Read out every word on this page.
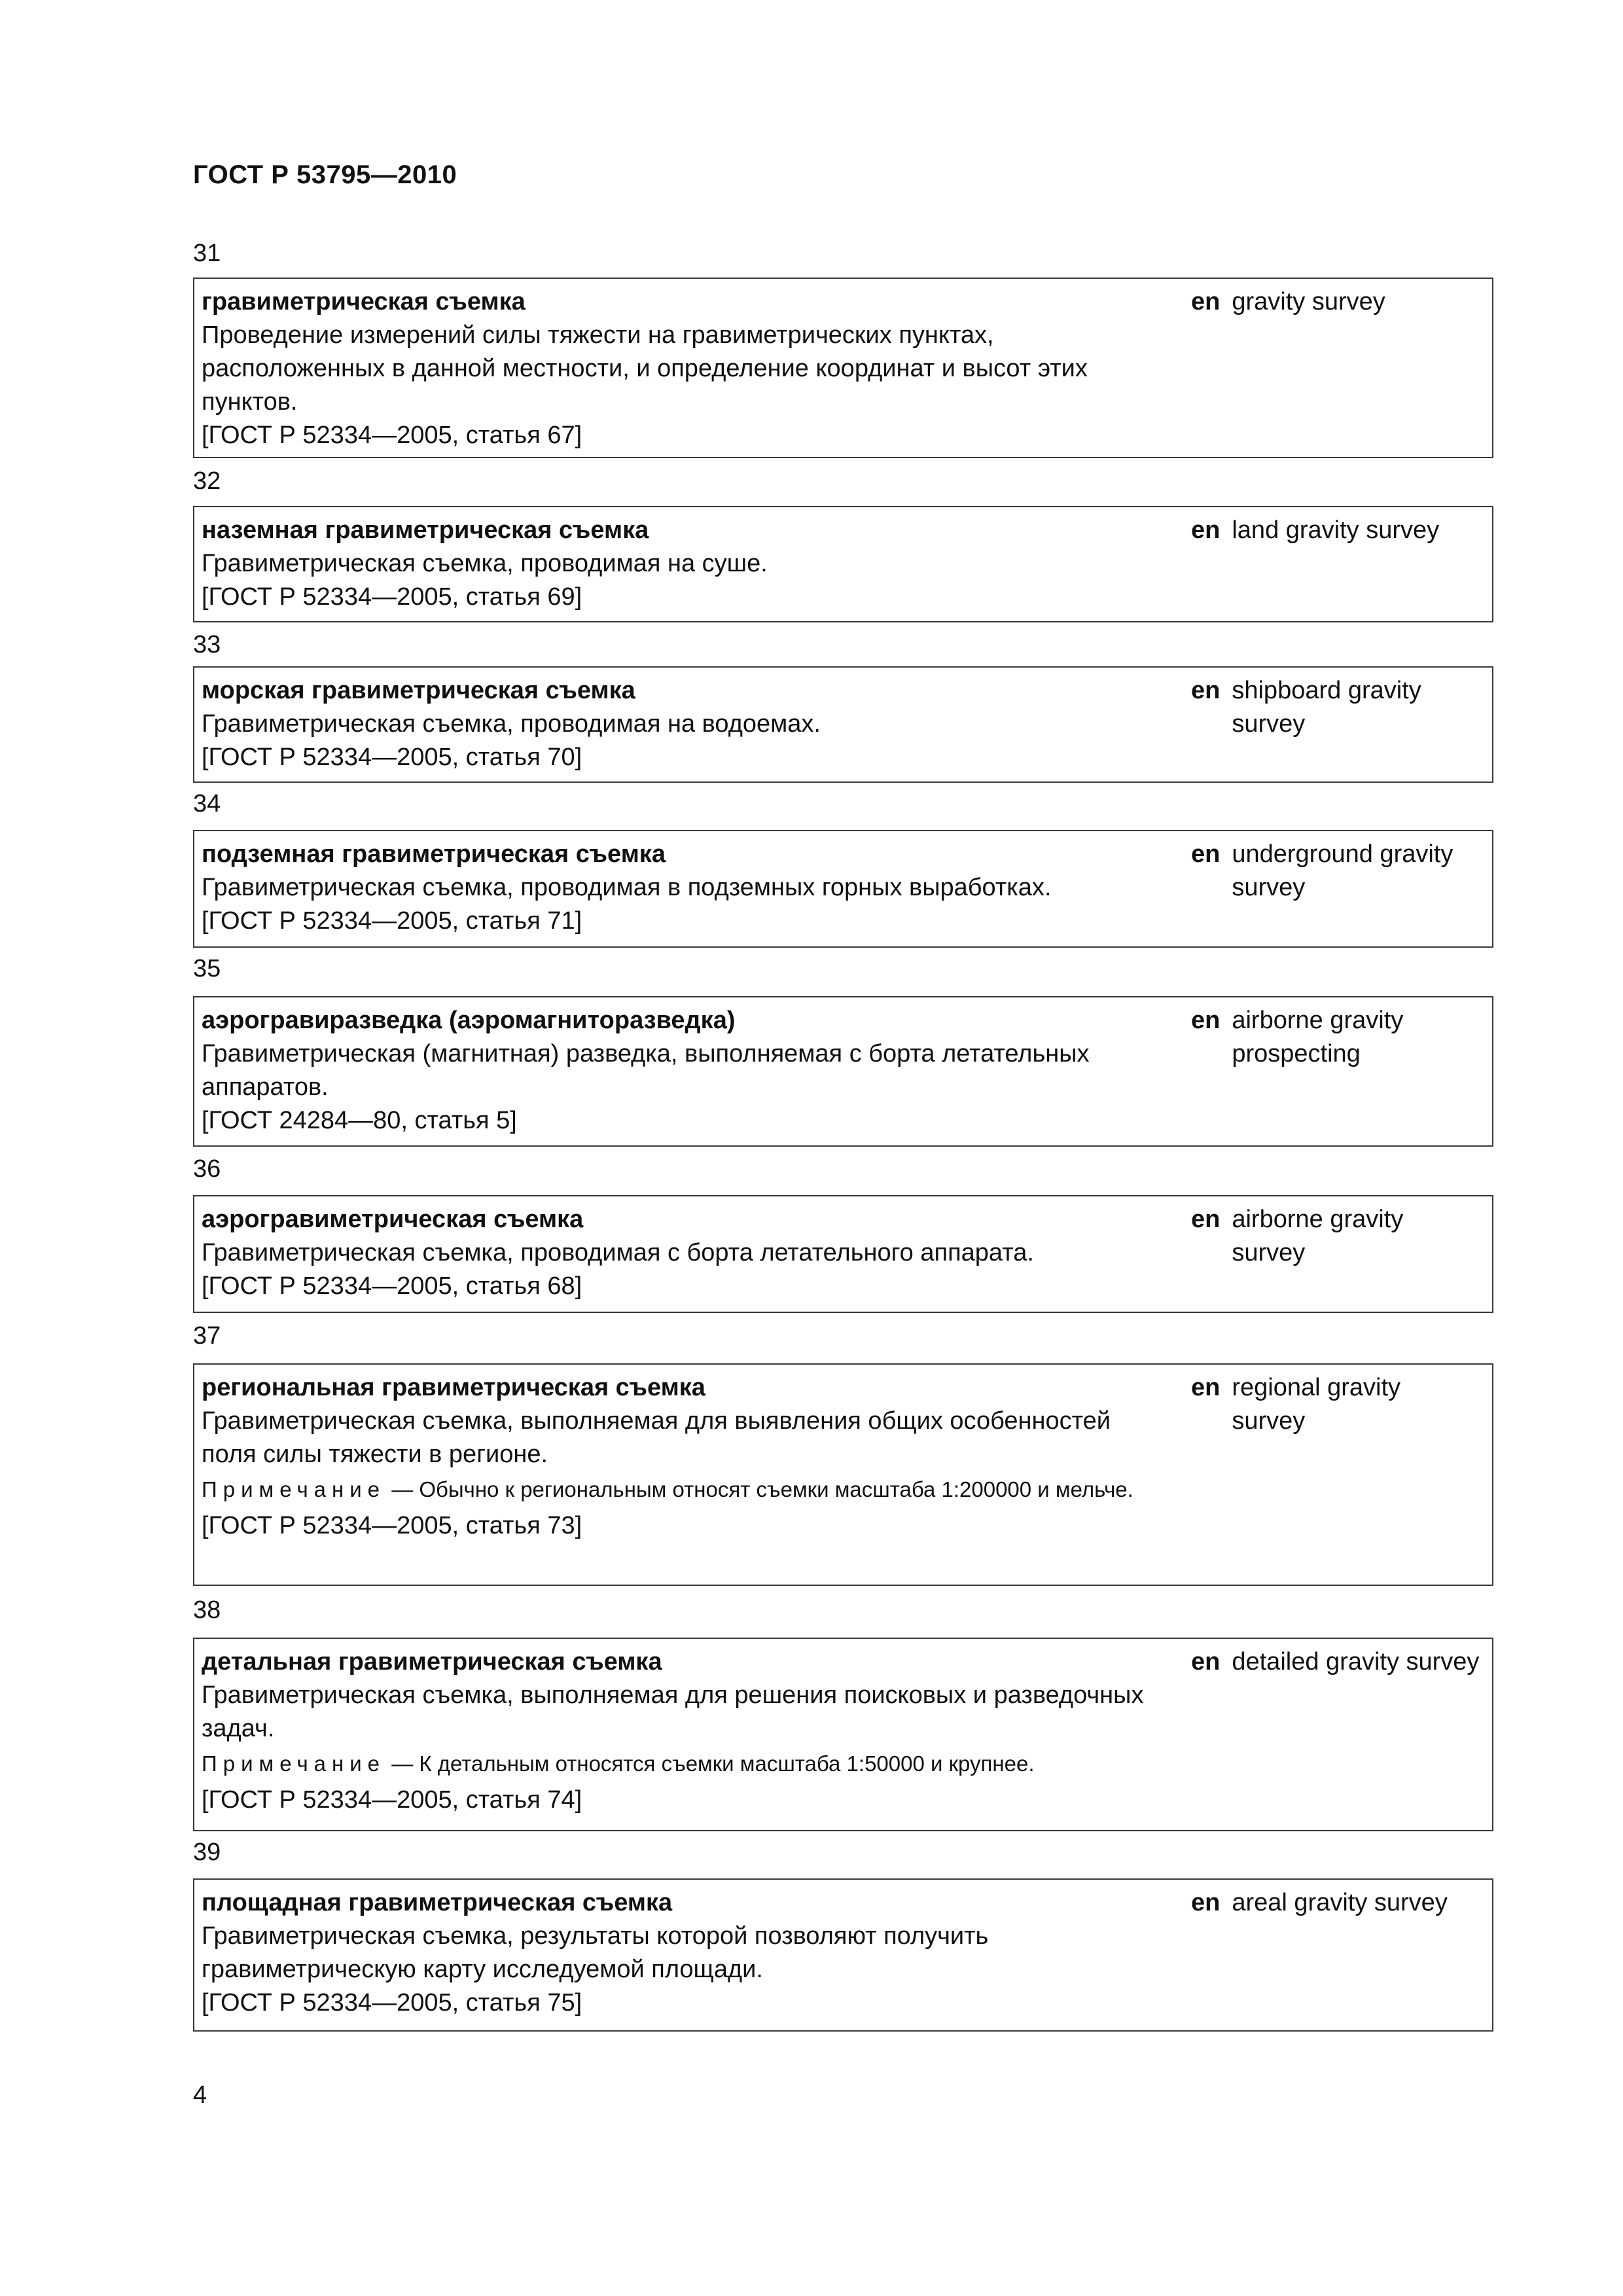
ГОСТ Р 53795—2010
31
гравиметрическая съемка
Проведение измерений силы тяжести на гравиметрических пунктах, расположенных в данной местности, и определение координат и высот этих пунктов.
[ГОСТ Р 52334—2005, статья 67]
en gravity survey
32
наземная гравиметрическая съемка
Гравиметрическая съемка, проводимая на суше.
[ГОСТ Р 52334—2005, статья 69]
en land gravity survey
33
морская гравиметрическая съемка
Гравиметрическая съемка, проводимая на водоемах.
[ГОСТ Р 52334—2005, статья 70]
en shipboard gravity survey
34
подземная гравиметрическая съемка
Гравиметрическая съемка, проводимая в подземных горных выработках.
[ГОСТ Р 52334—2005, статья 71]
en underground gravity survey
35
аэрогравиразведка (аэромагниторазведка)
Гравиметрическая (магнитная) разведка, выполняемая с борта летательных аппаратов.
[ГОСТ 24284—80, статья 5]
en airborne gravity prospecting
36
аэрогравиметрическая съемка
Гравиметрическая съемка, проводимая с борта летательного аппарата.
[ГОСТ Р 52334—2005, статья 68]
en airborne gravity survey
37
региональная гравиметрическая съемка
Гравиметрическая съемка, выполняемая для выявления общих особенностей поля силы тяжести в регионе.
Примечание — Обычно к региональным относят съемки масштаба 1:200000 и мельче.
[ГОСТ Р 52334—2005, статья 73]
en regional gravity survey
38
детальная гравиметрическая съемка
Гравиметрическая съемка, выполняемая для решения поисковых и разведочных задач.
Примечание — К детальным относятся съемки масштаба 1:50000 и крупнее.
[ГОСТ Р 52334—2005, статья 74]
en detailed gravity survey
39
площадная гравиметрическая съемка
Гравиметрическая съемка, результаты которой позволяют получить гравиметрическую карту исследуемой площади.
[ГОСТ Р 52334—2005, статья 75]
en areal gravity survey
4
